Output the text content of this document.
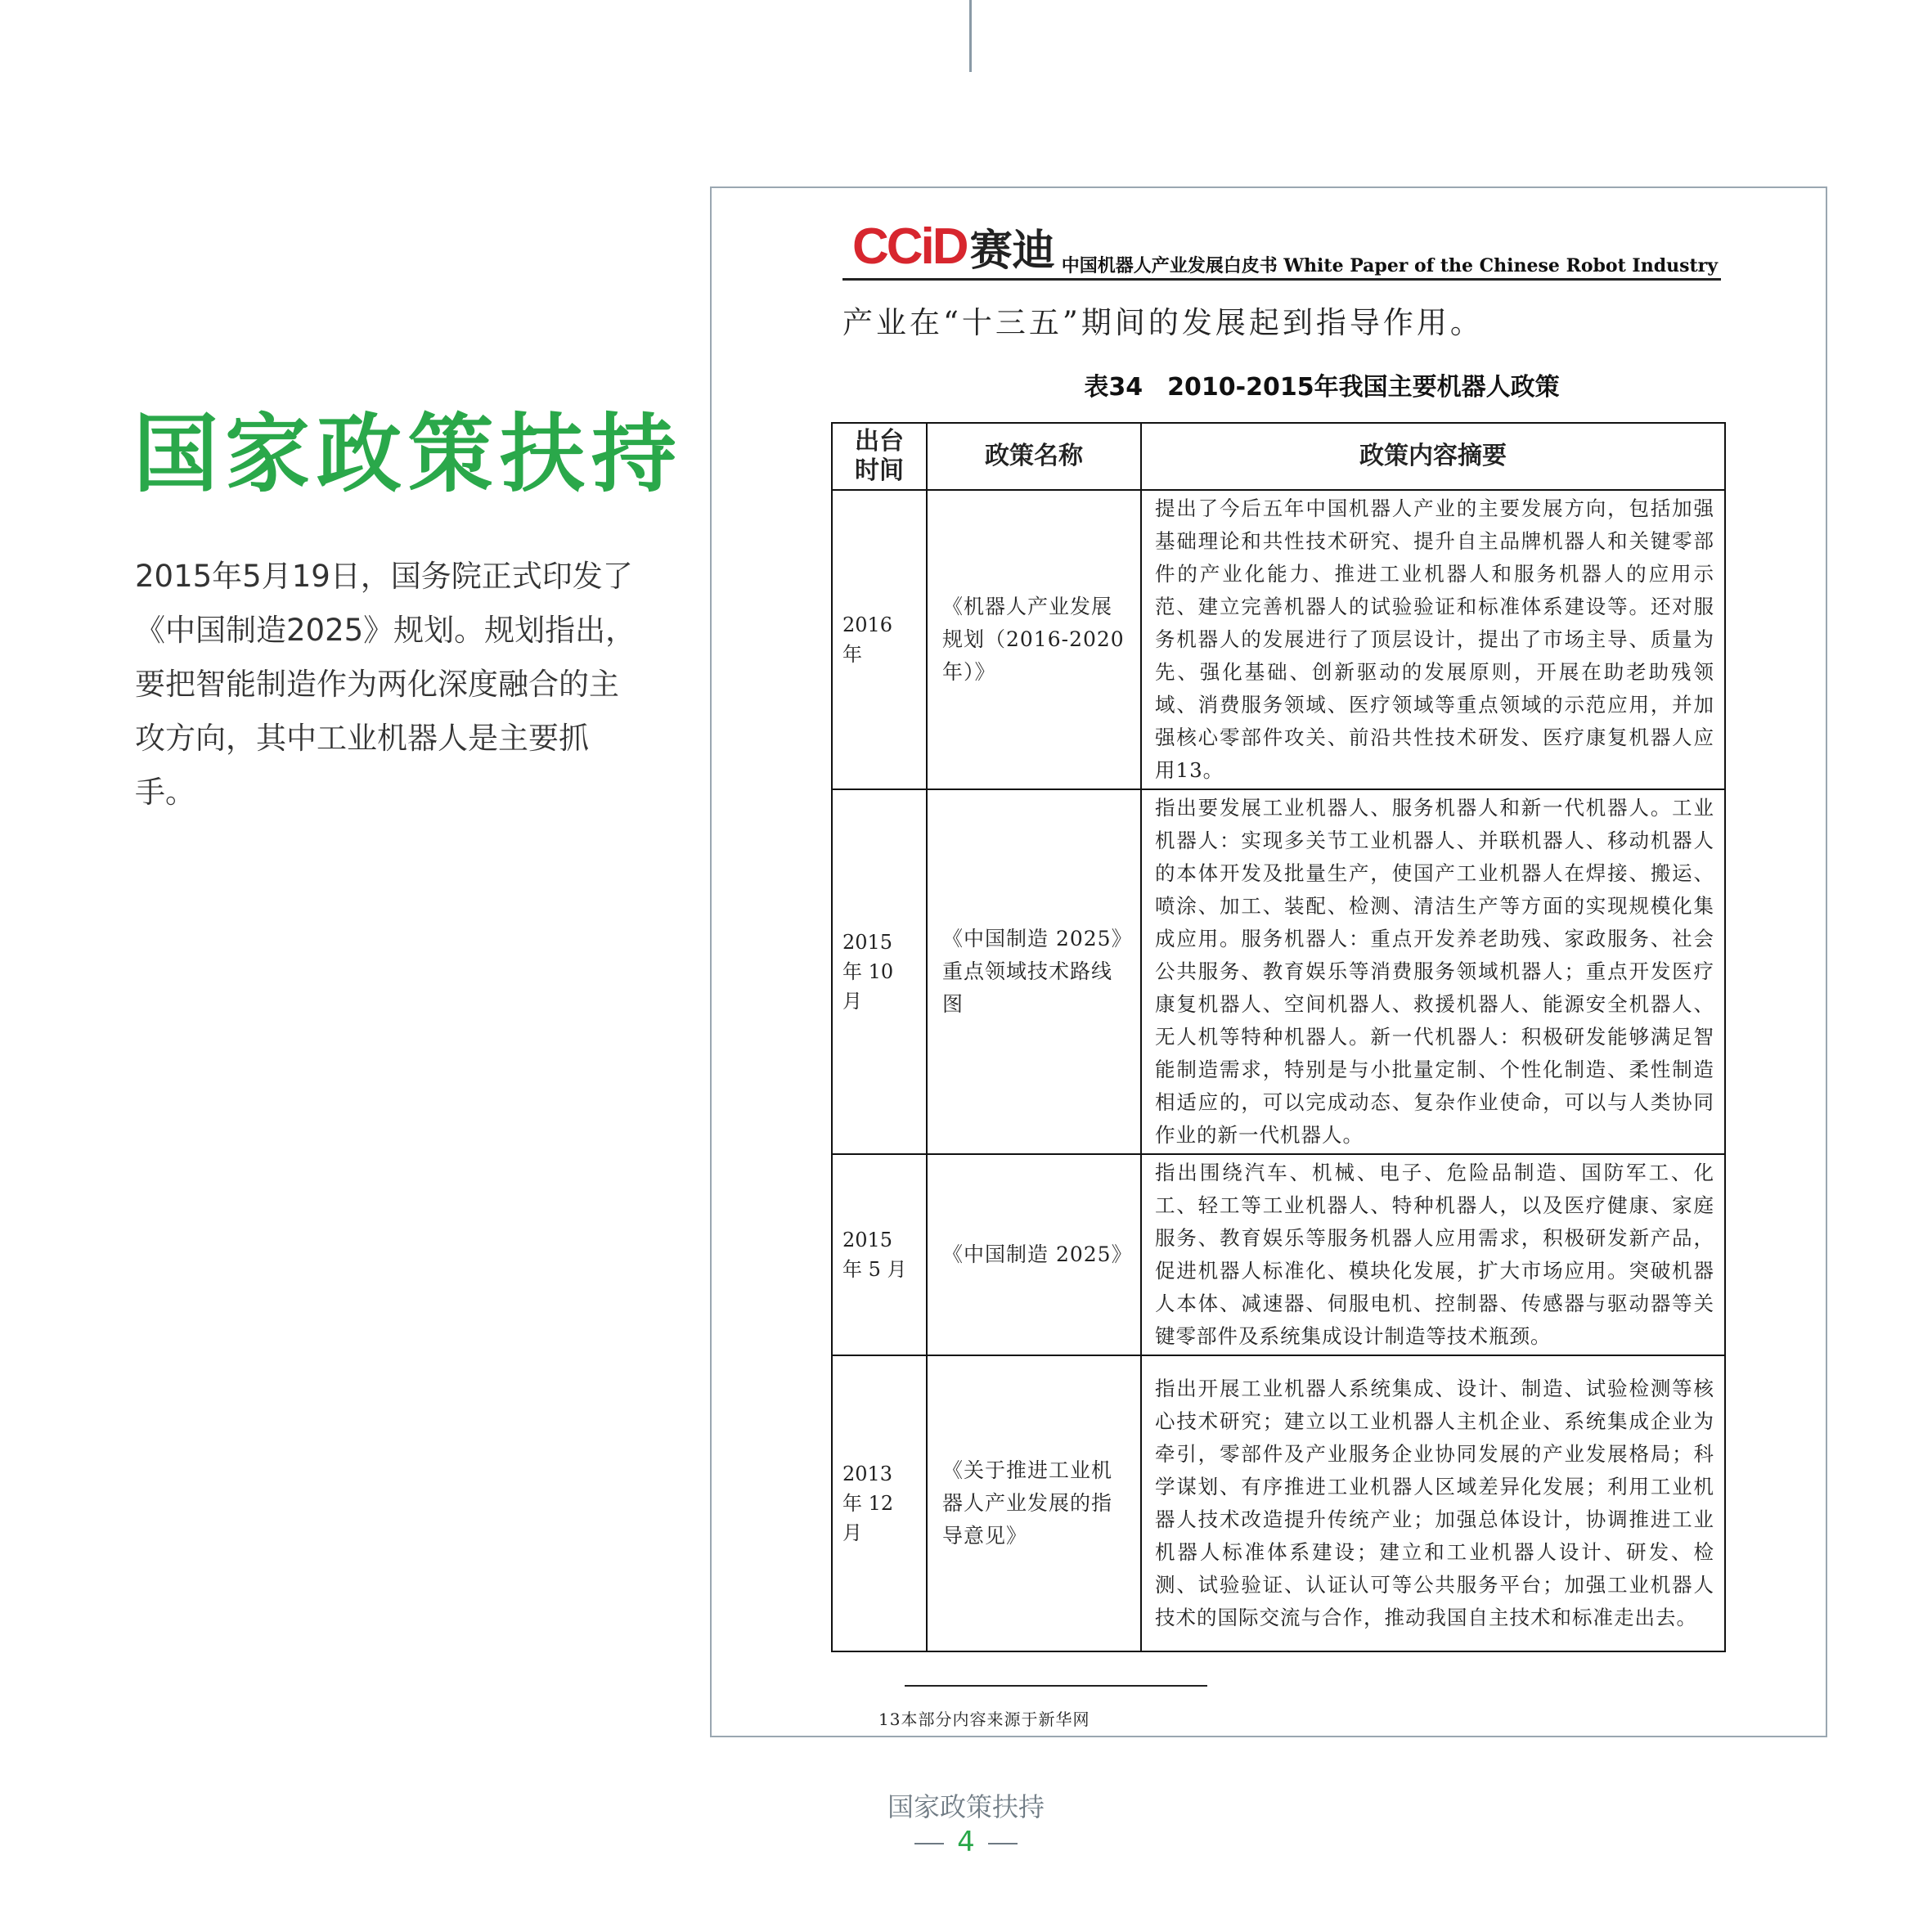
国家政策扶持

2015年5月19日，国务院正式印发了《中国制造2025》规划。规划指出，要把智能制造作为两化深度融合的主攻方向，其中工业机器人是主要抓手。

CCiD 赛迪 中国机器人产业发展白皮书 White Paper of the Chinese Robot Industry
产业在“十三五”期间的发展起到指导作用。
表34　2010-2015年我国主要机器人政策
出台时间	政策名称	政策内容摘要
2016 年	《机器人产业发展规划（2016-2020年）》	提出了今后五年中国机器人产业的主要发展方向，包括加强基础理论和共性技术研究、提升自主品牌机器人和关键零部件的产业化能力、推进工业机器人和服务机器人的应用示范、建立完善机器人的试验验证和标准体系建设等。还对服务机器人的发展进行了顶层设计，提出了市场主导、质量为先、强化基础、创新驱动的发展原则，开展在助老助残领域、消费服务领域、医疗领域等重点领域的示范应用，并加强核心零部件攻关、前沿共性技术研发、医疗康复机器人应用13。
2015 年 10 月	《中国制造 2025》重点领域技术路线图	指出要发展工业机器人、服务机器人和新一代机器人。工业机器人：实现多关节工业机器人、并联机器人、移动机器人的本体开发及批量生产，使国产工业机器人在焊接、搬运、喷涂、加工、装配、检测、清洁生产等方面的实现规模化集成应用。服务机器人：重点开发养老助残、家政服务、社会公共服务、教育娱乐等消费服务领域机器人；重点开发医疗康复机器人、空间机器人、救援机器人、能源安全机器人、无人机等特种机器人。新一代机器人：积极研发能够满足智能制造需求，特别是与小批量定制、个性化制造、柔性制造相适应的，可以完成动态、复杂作业使命，可以与人类协同作业的新一代机器人。
2015 年 5 月	《中国制造 2025》	指出围绕汽车、机械、电子、危险品制造、国防军工、化工、轻工等工业机器人、特种机器人，以及医疗健康、家庭服务、教育娱乐等服务机器人应用需求，积极研发新产品，促进机器人标准化、模块化发展，扩大市场应用。突破机器人本体、减速器、伺服电机、控制器、传感器与驱动器等关键零部件及系统集成设计制造等技术瓶颈。
2013 年 12 月	《关于推进工业机器人产业发展的指导意见》	指出开展工业机器人系统集成、设计、制造、试验检测等核心技术研究；建立以工业机器人主机企业、系统集成企业为牵引，零部件及产业服务企业协同发展的产业发展格局；科学谋划、有序推进工业机器人区域差异化发展；利用工业机器人技术改造提升传统产业；加强总体设计，协调推进工业机器人标准体系建设；建立和工业机器人设计、研发、检测、试验验证、认证认可等公共服务平台；加强工业机器人技术的国际交流与合作，推动我国自主技术和标准走出去。
13本部分内容来源于新华网
国家政策扶持
4
